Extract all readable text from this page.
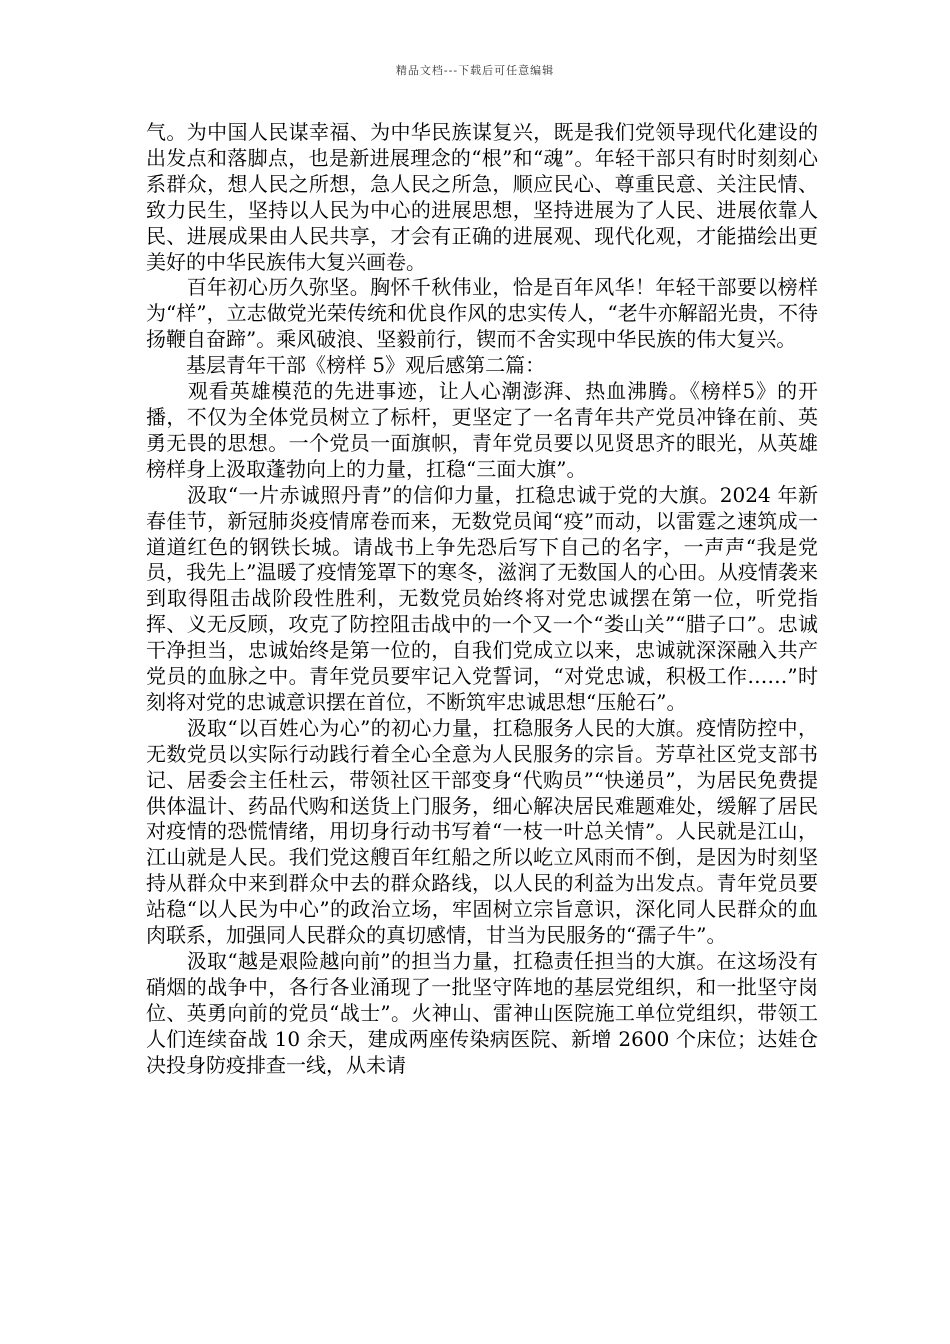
精品文档---下载后可任意编辑

气。为中国人民谋幸福、为中华民族谋复兴，既是我们党领导现代化建设的出发点和落脚点，也是新进展理念的“根”和“魂”。年轻干部只有时时刻刻心系群众，想人民之所想，急人民之所急，顺应民心、尊重民意、关注民情、致力民生，坚持以人民为中心的进展思想，坚持进展为了人民、进展依靠人民、进展成果由人民共享，才会有正确的进展观、现代化观，才能描绘出更美好的中华民族伟大复兴画卷。

　　百年初心历久弥坚。胸怀千秋伟业，恰是百年风华！年轻干部要以榜样为“样”，立志做党光荣传统和优良作风的忠实传人，“老牛亦解韶光贵，不待扬鞭自奋蹄”。乘风破浪、坚毅前行，锲而不舍实现中华民族的伟大复兴。

　　基层青年干部《榜样 5》观后感第二篇：

　　观看英雄模范的先进事迹，让人心潮澎湃、热血沸腾。《榜样5》的开播，不仅为全体党员树立了标杆，更坚定了一名青年共产党员冲锋在前、英勇无畏的思想。一个党员一面旗帜，青年党员要以见贤思齐的眼光，从英雄榜样身上汲取蓬勃向上的力量，扛稳“三面大旗”。

　　汲取“一片赤诚照丹青”的信仰力量，扛稳忠诚于党的大旗。2024 年新春佳节，新冠肺炎疫情席卷而来，无数党员闻“疫”而动，以雷霆之速筑成一道道红色的钢铁长城。请战书上争先恐后写下自己的名字，一声声“我是党员，我先上”温暖了疫情笼罩下的寒冬，滋润了无数国人的心田。从疫情袭来到取得阻击战阶段性胜利，无数党员始终将对党忠诚摆在第一位，听党指挥、义无反顾，攻克了防控阻击战中的一个又一个“娄山关”“腊子口”。忠诚干净担当，忠诚始终是第一位的，自我们党成立以来，忠诚就深深融入共产党员的血脉之中。青年党员要牢记入党誓词，“对党忠诚，积极工作……”时刻将对党的忠诚意识摆在首位，不断筑牢忠诚思想“压舱石”。

　　汲取“以百姓心为心”的初心力量，扛稳服务人民的大旗。疫情防控中，无数党员以实际行动践行着全心全意为人民服务的宗旨。芳草社区党支部书记、居委会主任杜云，带领社区干部变身“代购员”“快递员”，为居民免费提供体温计、药品代购和送货上门服务，细心解决居民难题难处，缓解了居民对疫情的恐慌情绪，用切身行动书写着“一枝一叶总关情”。人民就是江山，江山就是人民。我们党这艘百年红船之所以屹立风雨而不倒，是因为时刻坚持从群众中来到群众中去的群众路线，以人民的利益为出发点。青年党员要站稳“以人民为中心”的政治立场，牢固树立宗旨意识，深化同人民群众的血肉联系，加强同人民群众的真切感情，甘当为民服务的“孺子牛”。

　　汲取“越是艰险越向前”的担当力量，扛稳责任担当的大旗。在这场没有硝烟的战争中，各行各业涌现了一批坚守阵地的基层党组织，和一批坚守岗位、英勇向前的党员“战士”。火神山、雷神山医院施工单位党组织，带领工人们连续奋战 10 余天，建成两座传染病医院、新增 2600 个床位；达娃仓决投身防疫排查一线，从未请
